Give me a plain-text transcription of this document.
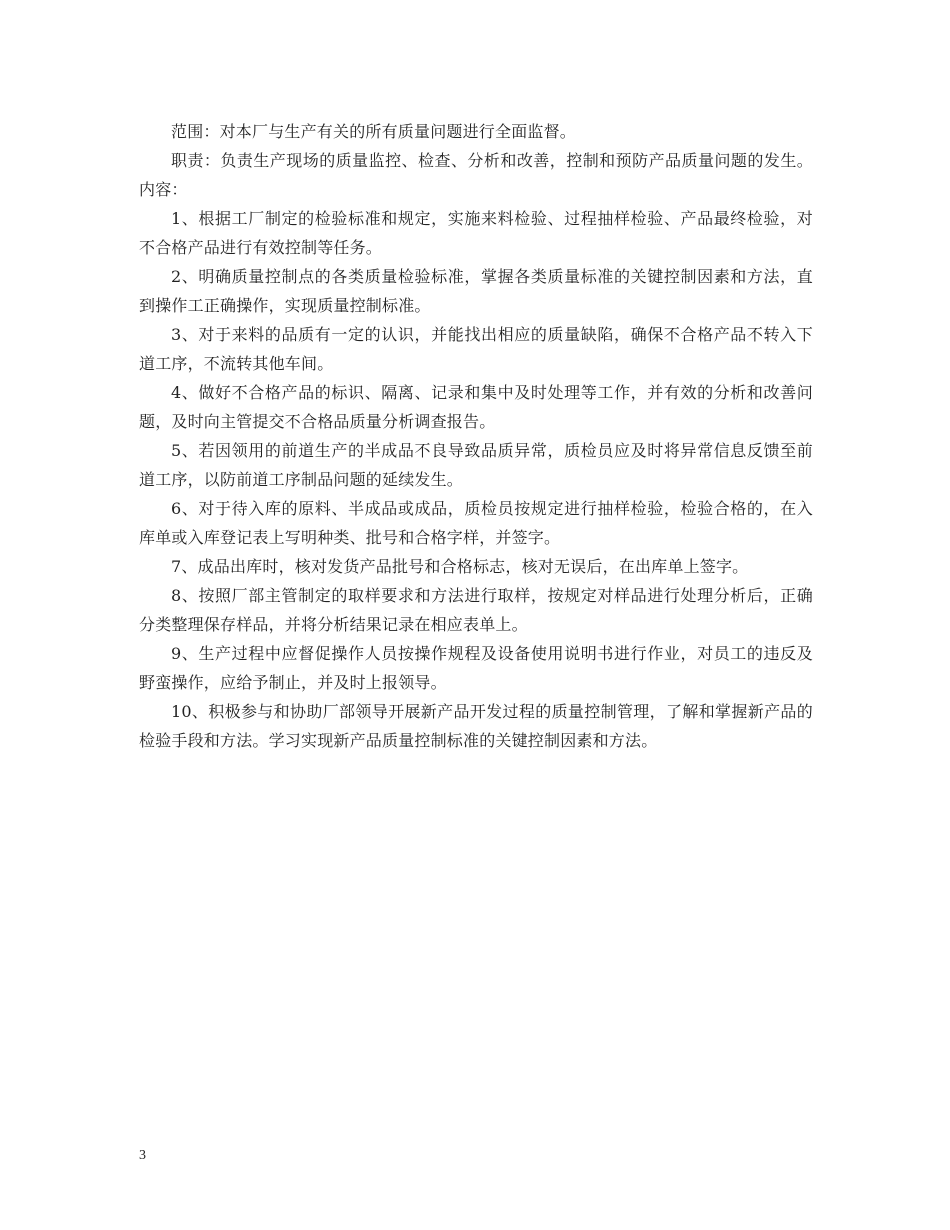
范围：对本厂与生产有关的所有质量问题进行全面监督。

职责：负责生产现场的质量监控、检查、分析和改善，控制和预防产品质量问题的发生。 内容：

1、根据工厂制定的检验标准和规定，实施来料检验、过程抽样检验、产品最终检验，对不合格产品进行有效控制等任务。

2、明确质量控制点的各类质量检验标准，掌握各类质量标准的关键控制因素和方法，直到操作工正确操作，实现质量控制标准。

3、对于来料的品质有一定的认识，并能找出相应的质量缺陷，确保不合格产品不转入下道工序，不流转其他车间。

4、做好不合格产品的标识、隔离、记录和集中及时处理等工作，并有效的分析和改善问题，及时向主管提交不合格品质量分析调查报告。

5、若因领用的前道生产的半成品不良导致品质异常，质检员应及时将异常信息反馈至前道工序，以防前道工序制品问题的延续发生。

6、对于待入库的原料、半成品或成品，质检员按规定进行抽样检验，检验合格的，在入库单或入库登记表上写明种类、批号和合格字样，并签字。

7、成品出库时，核对发货产品批号和合格标志，核对无误后，在出库单上签字。

8、按照厂部主管制定的取样要求和方法进行取样，按规定对样品进行处理分析后，正确分类整理保存样品，并将分析结果记录在相应表单上。

9、生产过程中应督促操作人员按操作规程及设备使用说明书进行作业，对员工的违反及野蛮操作，应给予制止，并及时上报领导。

10、积极参与和协助厂部领导开展新产品开发过程的质量控制管理，了解和掌握新产品的检验手段和方法。学习实现新产品质量控制标准的关键控制因素和方法。

3
